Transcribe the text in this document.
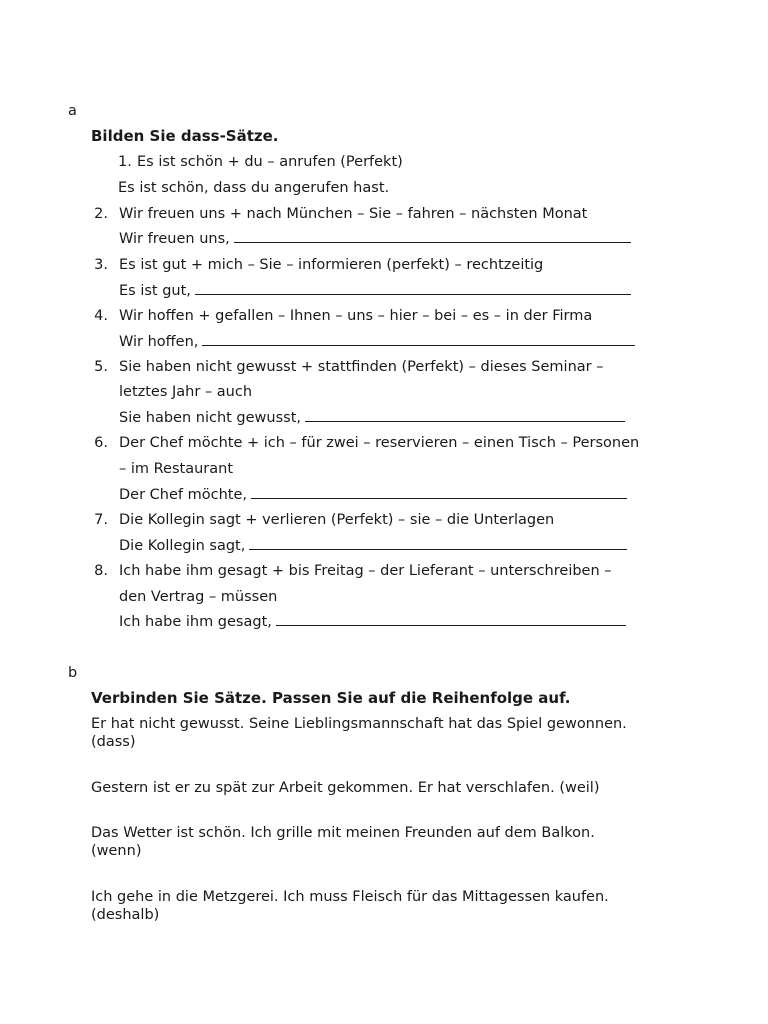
a
Bilden Sie dass-Sätze.
1. Es ist schön + du – anrufen (Perfekt)
Es ist schön, dass du angerufen hast.
2. Wir freuen uns + nach München – Sie – fahren – nächsten Monat
Wir freuen uns,
3. Es ist gut + mich – Sie – informieren (perfekt) – rechtzeitig
Es ist gut,
4. Wir hoffen + gefallen – Ihnen – uns – hier – bei – es – in der Firma
Wir hoffen,
5. Sie haben nicht gewusst + stattfinden (Perfekt) – dieses Seminar –
letztes Jahr – auch
Sie haben nicht gewusst,
6. Der Chef möchte + ich – für zwei – reservieren – einen Tisch – Personen
– im Restaurant
Der Chef möchte,
7. Die Kollegin sagt + verlieren (Perfekt) – sie – die Unterlagen
Die Kollegin sagt,
8. Ich habe ihm gesagt + bis Freitag – der Lieferant – unterschreiben –
den Vertrag – müssen
Ich habe ihm gesagt,
b
Verbinden Sie Sätze. Passen Sie auf die Reihenfolge auf.
Er hat nicht gewusst. Seine Lieblingsmannschaft hat das Spiel gewonnen.
(dass)
Gestern ist er zu spät zur Arbeit gekommen. Er hat verschlafen. (weil)
Das Wetter ist schön. Ich grille mit meinen Freunden auf dem Balkon.
(wenn)
Ich gehe in die Metzgerei. Ich muss Fleisch für das Mittagessen kaufen.
(deshalb)
